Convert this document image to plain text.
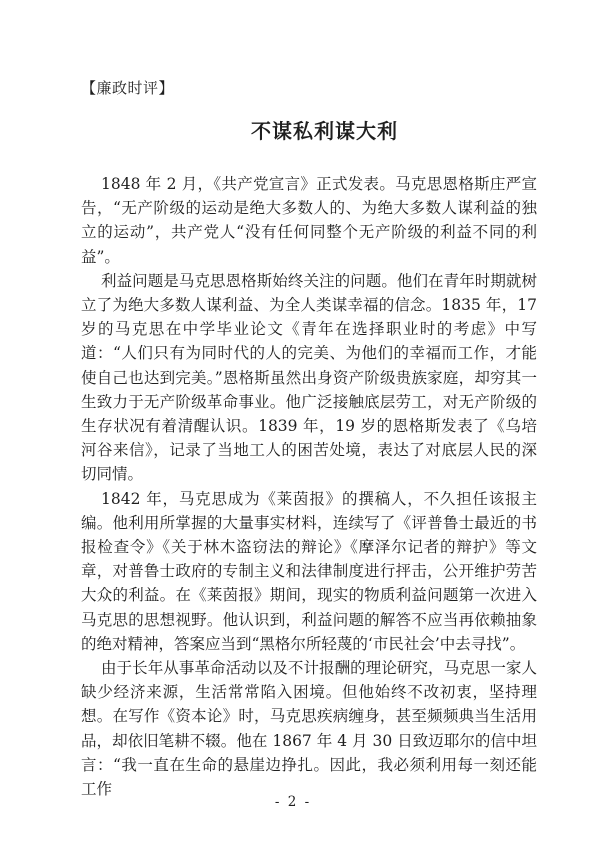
【廉政时评】
不谋私利谋大利

1848 年 2 月，《共产党宣言》正式发表。马克思恩格斯庄严宣告，“无产阶级的运动是绝大多数人的、为绝大多数人谋利益的独立的运动”，共产党人“没有任何同整个无产阶级的利益不同的利益”。

利益问题是马克思恩格斯始终关注的问题。他们在青年时期就树立了为绝大多数人谋利益、为全人类谋幸福的信念。1835 年，17 岁的马克思在中学毕业论文《青年在选择职业时的考虑》中写道：“人们只有为同时代的人的完美、为他们的幸福而工作，才能使自己也达到完美。”恩格斯虽然出身资产阶级贵族家庭，却穷其一生致力于无产阶级革命事业。他广泛接触底层劳工，对无产阶级的生存状况有着清醒认识。1839 年，19 岁的恩格斯发表了《乌培河谷来信》，记录了当地工人的困苦处境，表达了对底层人民的深切同情。

1842 年，马克思成为《莱茵报》的撰稿人，不久担任该报主编。他利用所掌握的大量事实材料，连续写了《评普鲁士最近的书报检查令》《关于林木盗窃法的辩论》《摩泽尔记者的辩护》等文章，对普鲁士政府的专制主义和法律制度进行抨击，公开维护劳苦大众的利益。在《莱茵报》期间，现实的物质利益问题第一次进入马克思的思想视野。他认识到，利益问题的解答不应当再依赖抽象的绝对精神，答案应当到“黑格尔所轻蔑的‘市民社会’中去寻找”。

由于长年从事革命活动以及不计报酬的理论研究，马克思一家人缺少经济来源，生活常常陷入困境。但他始终不改初衷，坚持理想。在写作《资本论》时，马克思疾病缠身，甚至频频典当生活用品，却依旧笔耕不辍。他在 1867 年 4 月 30 日致迈耶尔的信中坦言：“我一直在生命的悬崖边挣扎。因此，我必须利用每一刻还能工作

- 2 -
